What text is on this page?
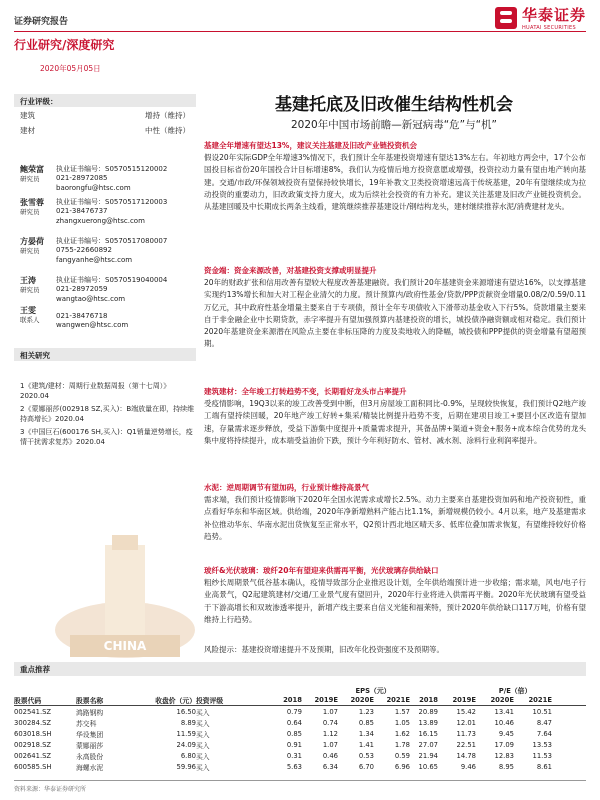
证券研究报告	华泰证券
HUATAI SECURITIES
行业研究/深度研究
2020年05月05日
行业评级：
建筑	增持（维持）
建材	中性（维持）
鲍荣富
研究员
执业证书编号：S0570515120002
021-28972085
baorongfu@htsc.com
张雪蓉
研究员
执业证书编号：S0570517120003
021-38476737
zhangxuerong@htsc.com
方晏荷
研究员
执业证书编号：S0570517080007
0755-22660892
fangyanhe@htsc.com
王涛
研究员
执业证书编号：S0570519040004
021-28972059
wangtao@htsc.com
王雯
联系人 021-38476718
wangwen@htsc.com
相关研究
1《建筑/建材：周期行业数据周报（第十七周）》2020.04
2《蒙娜丽莎(002918 SZ,买入)：B端放量在即，持续维持高增长》2020.04
3《中国巨石(600176 SH,买入)：Q1销量逆势增长，疫情干扰需求复苏》2020.04
CHINA
基建托底及旧改催生结构性机会
2020年中国市场前瞻—新冠病毒“危”与“机”
基建全年增速有望达13%，建议关注基建及旧改产业链投资机会
假设20年实际GDP全年增速3%情况下，我们预计全年基建投资增速有望达13%左右。年初地方两会中，17个公布国投目标省份20年国投合计目标增速8%，我们认为疫情后地方投资意愿或增强，投资拉动力量有望由地产转向基建。交通/市政/环保领域投资有望保持较快增长，19年补教文卫类投资增速远高于传统基建，20年有望继续成为拉动投资的重要动力，旧改政策支持力度大，成为后续社会投资的有力补充。建议关注基建及旧改产业链投资机会。从基建回暖及中长期成长两条主线看，建筑继续推荐基建设计/钢结构龙头，建材继续推荐水泥/消费建材龙头。
资金端：资金来源改善，对基建投资支撑或明显提升
20年的财政扩张和信用改善有望较大程度改善基建融资。我们预计20年基建资金来源增速有望达16%，以支撑基建实现约13%增长和加大对工程企业清欠的力度。预计预算内/政府性基金/贷款/PPP贡献资金增量0.08/2/0.59/0.11万亿元，其中政府性基金增量主要来自于专项债，预计全年专项债收入下滑带动基金收入下行5%。贷款增量主要来自于非金融企业中长期贷款，赤字率提升有望加强预算内基建投资的增长，城投债净融资额或相对稳定。我们预计2020年基建资金来源潜在风险点主要在非标压降的力度及卖地收入的降幅，城投债和PPP提供的资金增量有望超预期。
建筑建材：全年竣工打转趋势不变，长期看好龙头市占率提升
受疫情影响，19Q3以来的竣工改善受到中断，但3月房屋竣工面积同比-0.9%，呈现较快恢复，我们预计Q2地产竣工端有望持续回暖，20年地产竣工好转+集采/精装比例提升趋势不变，后期在建项目竣工+要回小区改造有望加速，存量需求逐步释放，受益下游集中度提升+质量需求提升，其备品牌+渠道+资金+服务+成本综合优势的龙头集中度将持续提升，成本端受益油价下跌，预计今年利好防水、管材、减水剂、涂料行业利润率提升。
水泥：逆周期调节有望加码，行业预计维持高景气
需求端，我们预计疫情影响下2020年全国水泥需求或增长2.5%。动力主要来自基建投资加码和地产投资韧性，重点看好华东和华南区域。供给端，2020年净新增熟料产能占比1.1%，新增规模仍较小。4月以来，地产及基建需求补位推动华东、华南水泥出货恢复至正常水平，Q2预计西北地区晴天多、低库位叠加需求恢复，有望维持较好价格趋势。
玻纤&光伏玻璃：玻纤20年有望迎来供需再平衡，光伏玻璃存供给缺口
粗纱长周期景气低谷基本确认，疫情导致部分企业推迟设计划，全年供给端预计进一步收缩；需求端，风电/电子行业高景气，Q2起建筑建材/交通/工业景气度有望回升，2020年行业将进入供需再平衡。2020年光伏玻璃有望受益于下游高增长和双玻渗透率提升，新增产线主要来自信义光能和福莱特，预计2020年供给缺口117万吨，价格有望维持上行趋势。
风险提示：基建投资增速提升不及预期，旧改年化投资强度不及预期等。
重点推荐
EPS（元）	P/E（倍）
股票代码	股票名称	收盘价（元） 投资评级	2018	2019E	2020E	2021E	2018	2019E	2020E	2021E
002541.SZ	鸿路钢构	16.50 买入	0.79	1.07	1.23	1.57	20.89	15.42	13.41	10.51
300284.SZ	苏交科	8.89 买入	0.64	0.74	0.85	1.05	13.89	12.01	10.46	8.47
603018.SH	华设集团	11.59 买入	0.85	1.12	1.34	1.62	16.15	11.73	9.45	7.64
002918.SZ	蒙娜丽莎	24.09 买入	0.91	1.07	1.41	1.78	27.07	22.51	17.09	13.53
002641.SZ	永高股份	6.80 买入	0.31	0.46	0.53	0.59	21.94	14.78	12.83	11.53
600585.SH	海螺水泥	59.96 买入	5.63	6.34	6.70	6.96	10.65	9.46	8.95	8.61
资料来源：华泰证券研究所
